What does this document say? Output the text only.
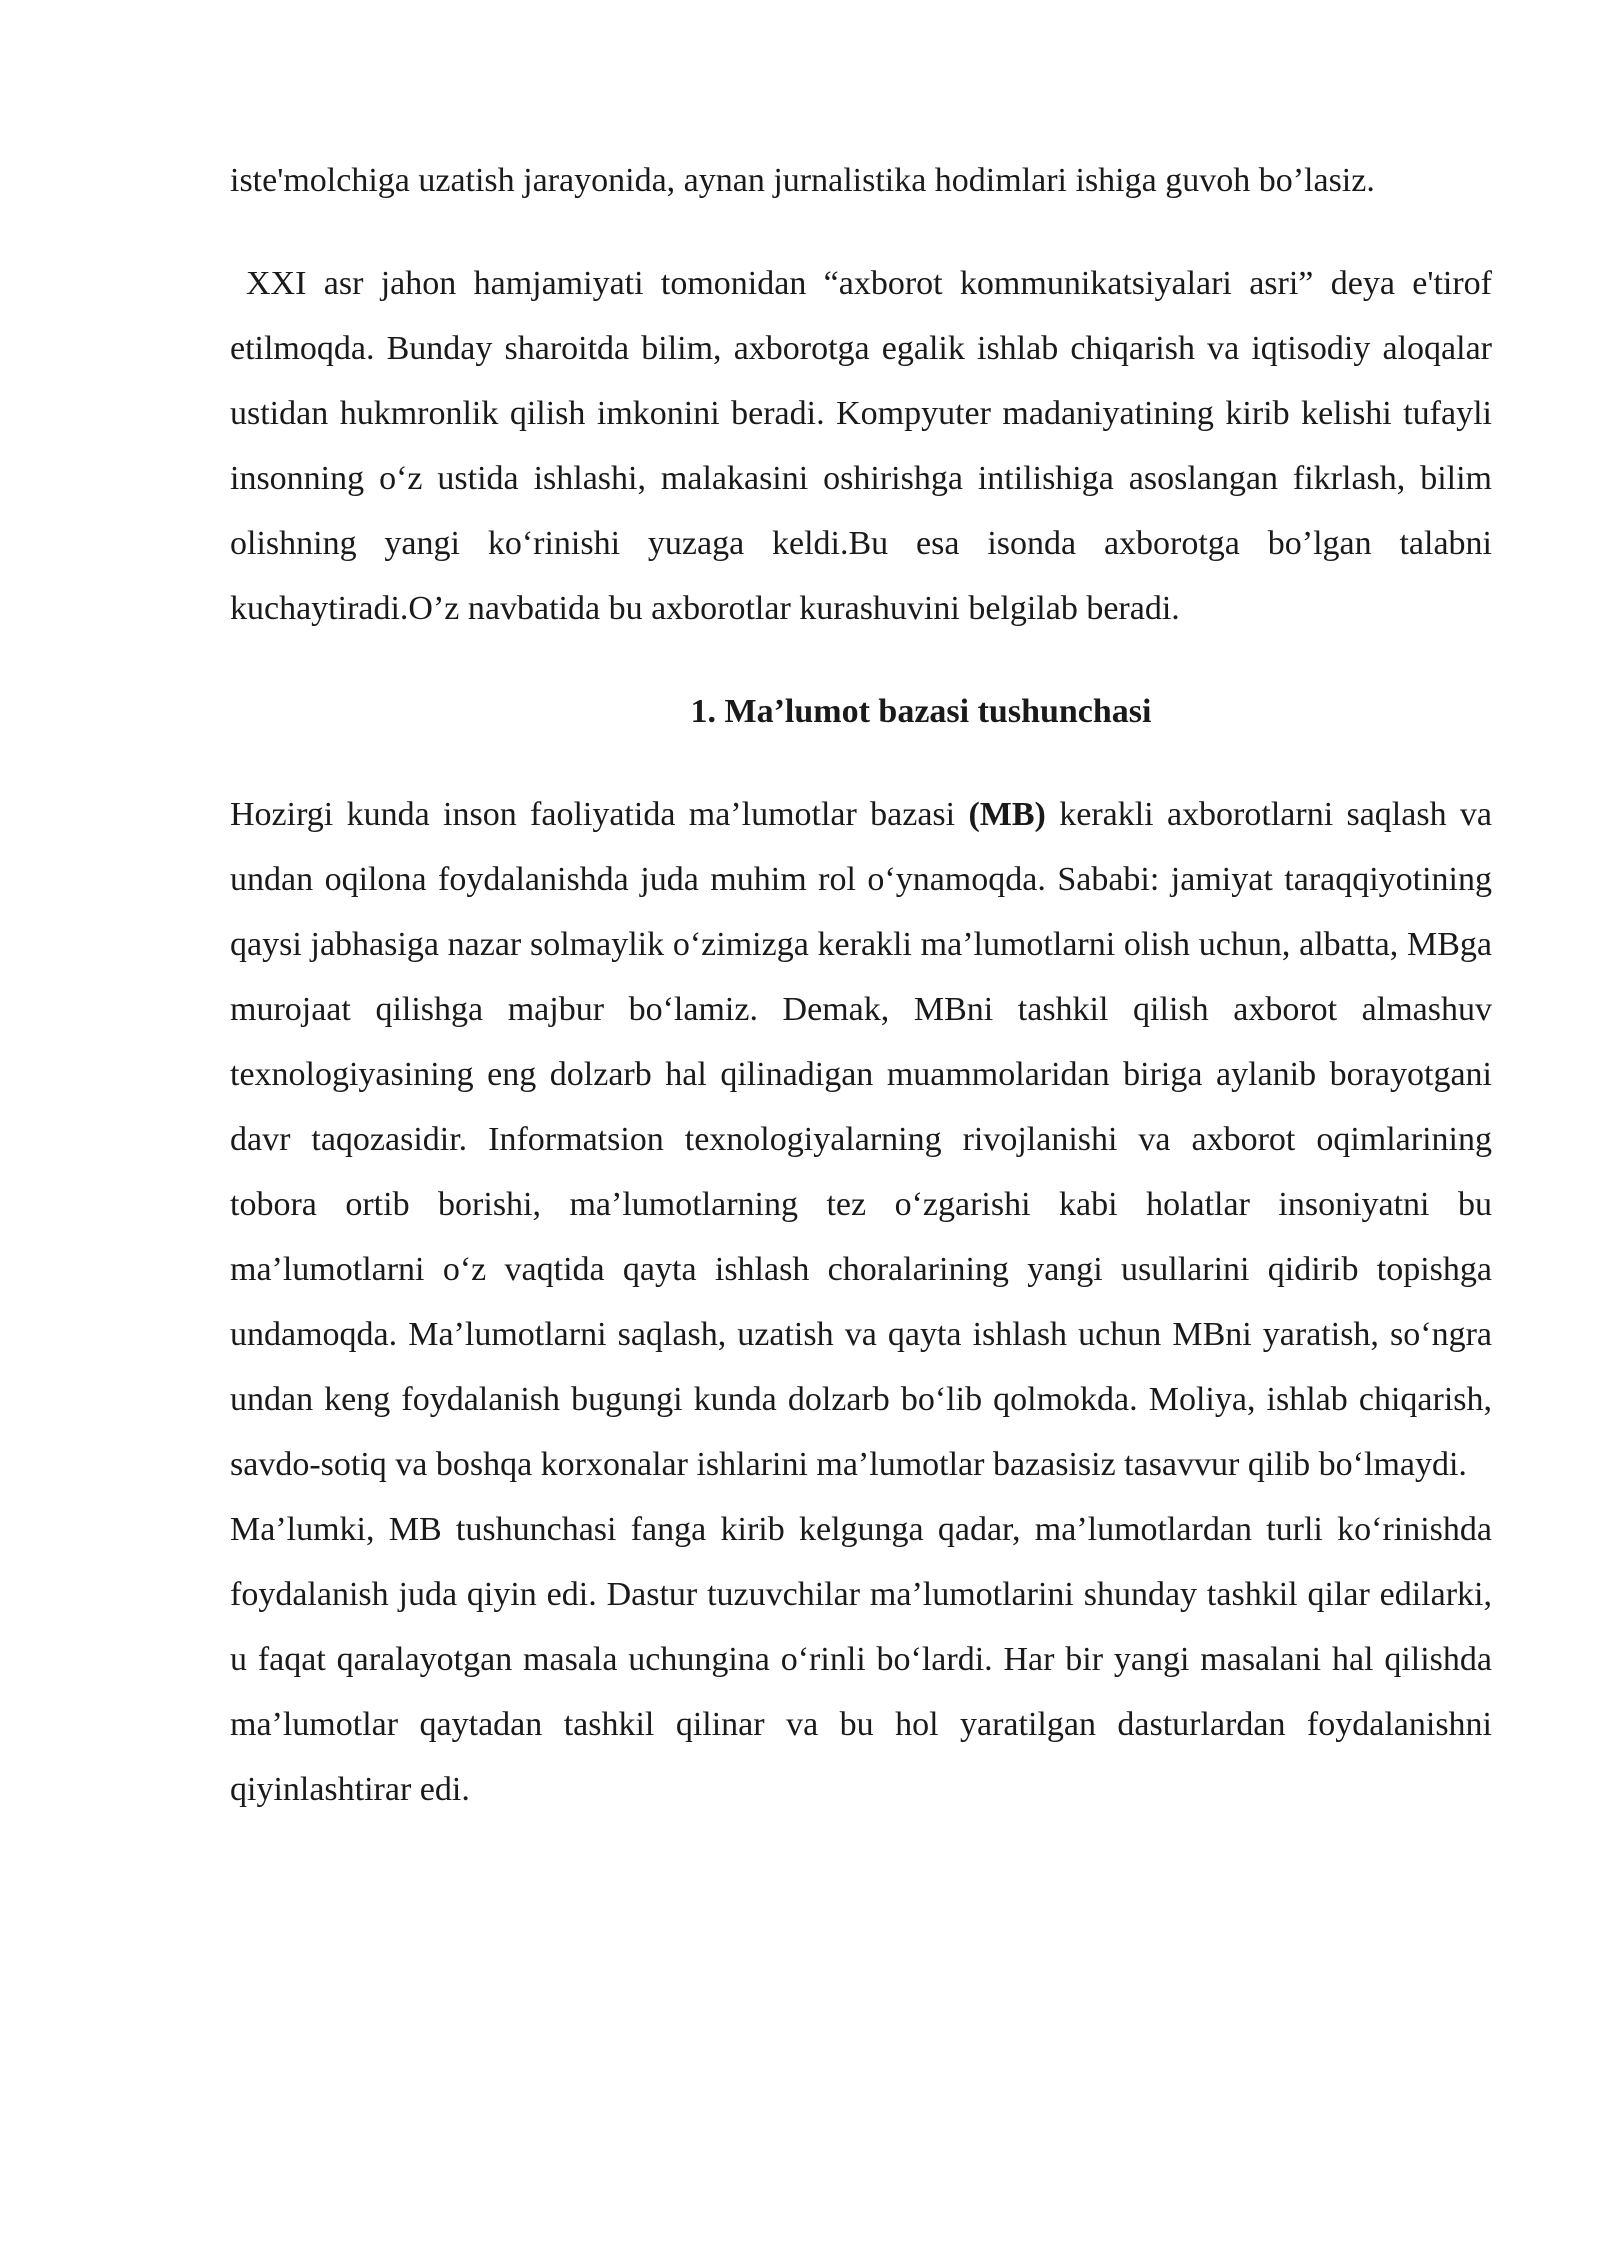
iste'molchiga uzatish jarayonida, aynan jurnalistika hodimlari ishiga guvoh bo’lasiz.

XXI asr jahon hamjamiyati tomonidan “axborot kommunikatsiyalari asri” deya e'tirof etilmoqda. Bunday sharoitda bilim, axborotga egalik ishlab chiqarish va iqtisodiy aloqalar ustidan hukmronlik qilish imkonini beradi. Kompyuter madaniyatining kirib kelishi tufayli insonning o‘z ustida ishlashi, malakasini oshirishga intilishiga asoslangan fikrlash, bilim olishning yangi ko‘rinishi yuzaga keldi.Bu esa isonda axborotga bo’lgan talabni kuchaytiradi.O’z navbatida bu axborotlar kurashuvini belgilab beradi.

1. Ma’lumot bazasi tushunchasi

Hozirgi kunda inson faoliyatida ma’lumotlar bazasi (MB) kerakli axborotlarni saqlash va undan oqilona foydalanishda juda muhim rol o‘ynamoqda. Sababi: jamiyat taraqqiyotining qaysi jabhasiga nazar solmaylik o‘zimizga kerakli ma’lumotlarni olish uchun, albatta, MBga murojaat qilishga majbur bo‘lamiz. Demak, MBni tashkil qilish axborot almashuv texnologiyasining eng dolzarb hal qilinadigan muammolaridan biriga aylanib borayotgani davr taqozasidir. Informatsion texnologiyalarning rivojlanishi va axborot oqimlarining tobora ortib borishi, ma’lumotlarning tez o‘zgarishi kabi holatlar insoniyatni bu ma’lumotlarni o‘z vaqtida qayta ishlash choralarining yangi usullarini qidirib topishga undamoqda. Ma’lumotlarni saqlash, uzatish va qayta ishlash uchun MBni yaratish, so‘ngra undan keng foydalanish bugungi kunda dolzarb bo‘lib qolmokda. Moliya, ishlab chiqarish, savdo-sotiq va boshqa korxonalar ishlarini ma’lumotlar bazasisiz tasavvur qilib bo‘lmaydi.

Ma’lumki, MB tushunchasi fanga kirib kelgunga qadar, ma’lumotlardan turli ko‘rinishda foydalanish juda qiyin edi. Dastur tuzuvchilar ma’lumotlarini shunday tashkil qilar edilarki, u faqat qaralayotgan masala uchungina o‘rinli bo‘lardi. Har bir yangi masalani hal qilishda ma’lumotlar qaytadan tashkil qilinar va bu hol yaratilgan dasturlardan foydalanishni qiyinlashtirar edi.
